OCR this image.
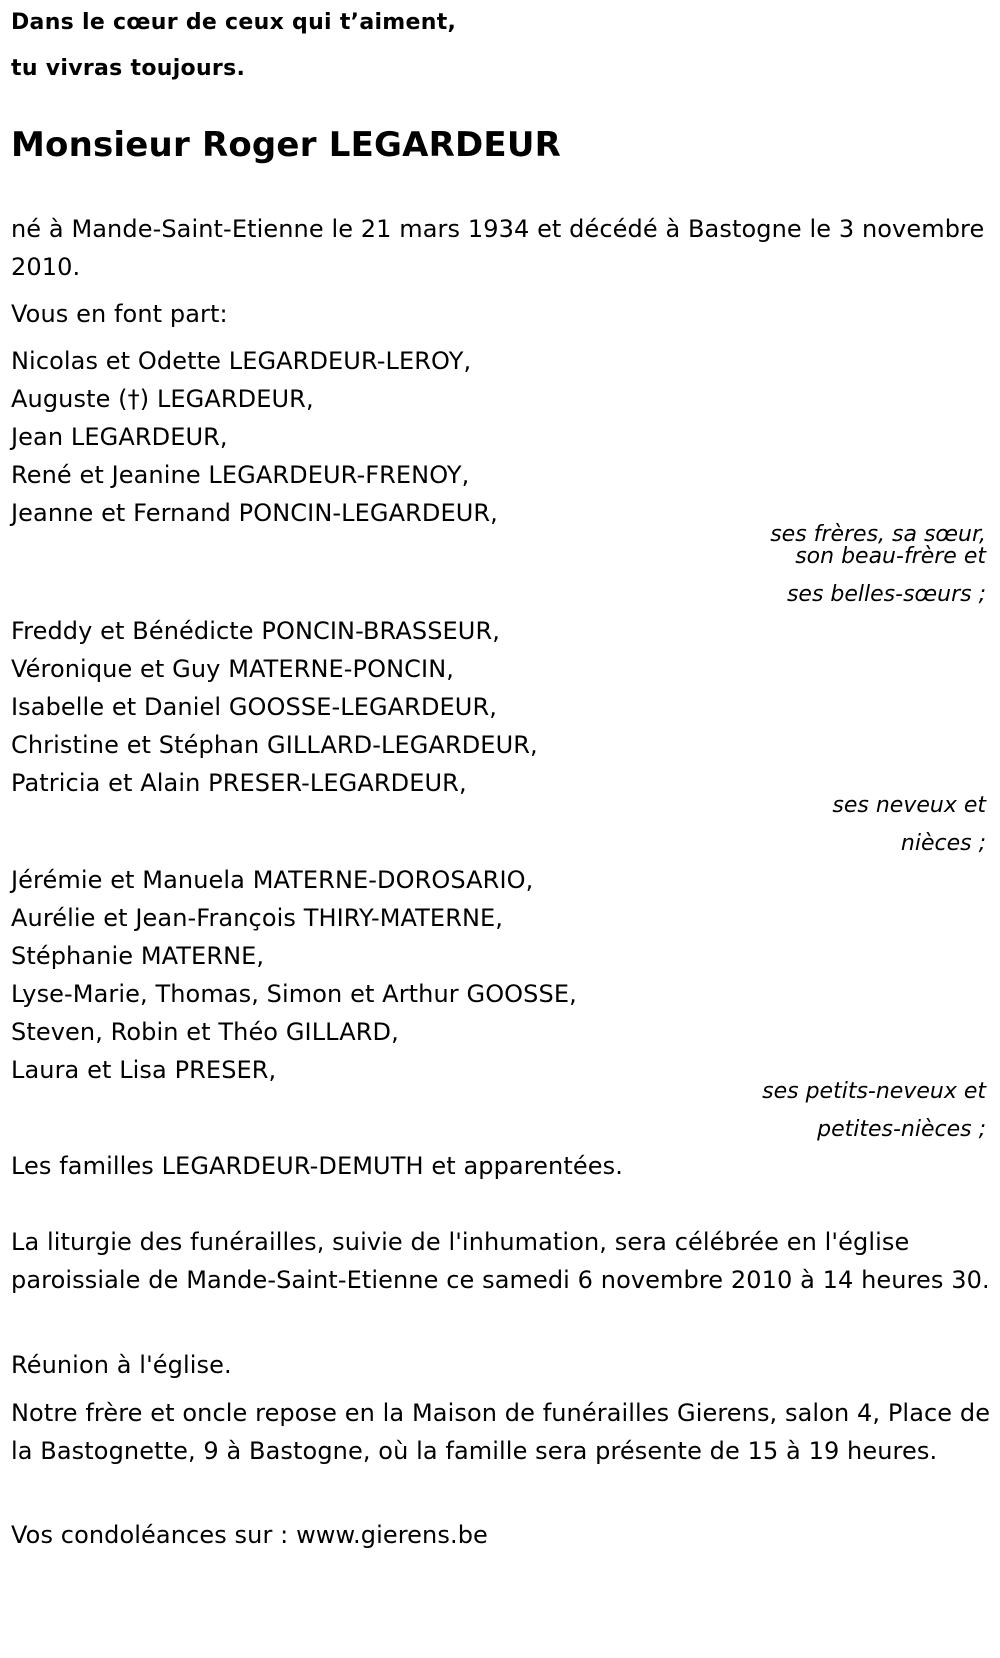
Dans le cœur de ceux qui t’aiment,
tu vivras toujours.
Monsieur Roger LEGARDEUR
né à Mande-Saint-Etienne le 21 mars 1934 et décédé à Bastogne le 3 novembre 2010.
Vous en font part:
Nicolas et Odette LEGARDEUR-LEROY,
Auguste (†) LEGARDEUR,
Jean LEGARDEUR,
René et Jeanine LEGARDEUR-FRENOY,
Jeanne et Fernand PONCIN-LEGARDEUR,
ses frères, sa sœur,
son beau-frère et
ses belles-sœurs ;
Freddy et Bénédicte PONCIN-BRASSEUR,
Véronique et Guy MATERNE-PONCIN,
Isabelle et Daniel GOOSSE-LEGARDEUR,
Christine et Stéphan GILLARD-LEGARDEUR,
Patricia et Alain PRESER-LEGARDEUR,
ses neveux et
nièces ;
Jérémie et Manuela MATERNE-DOROSARIO,
Aurélie et Jean-François THIRY-MATERNE,
Stéphanie MATERNE,
Lyse-Marie, Thomas, Simon et Arthur GOOSSE,
Steven, Robin et Théo GILLARD,
Laura et Lisa PRESER,
ses petits-neveux et
petites-nièces ;
Les familles LEGARDEUR-DEMUTH et apparentées.
La liturgie des funérailles, suivie de l'inhumation, sera célébrée en l'église paroissiale de Mande-Saint-Etienne ce samedi 6 novembre 2010 à 14 heures 30.
Réunion à l'église.
Notre frère et oncle repose en la Maison de funérailles Gierens, salon 4, Place de la Bastognette, 9 à Bastogne, où la famille sera présente de 15 à 19 heures.
Vos condoléances sur : www.gierens.be
